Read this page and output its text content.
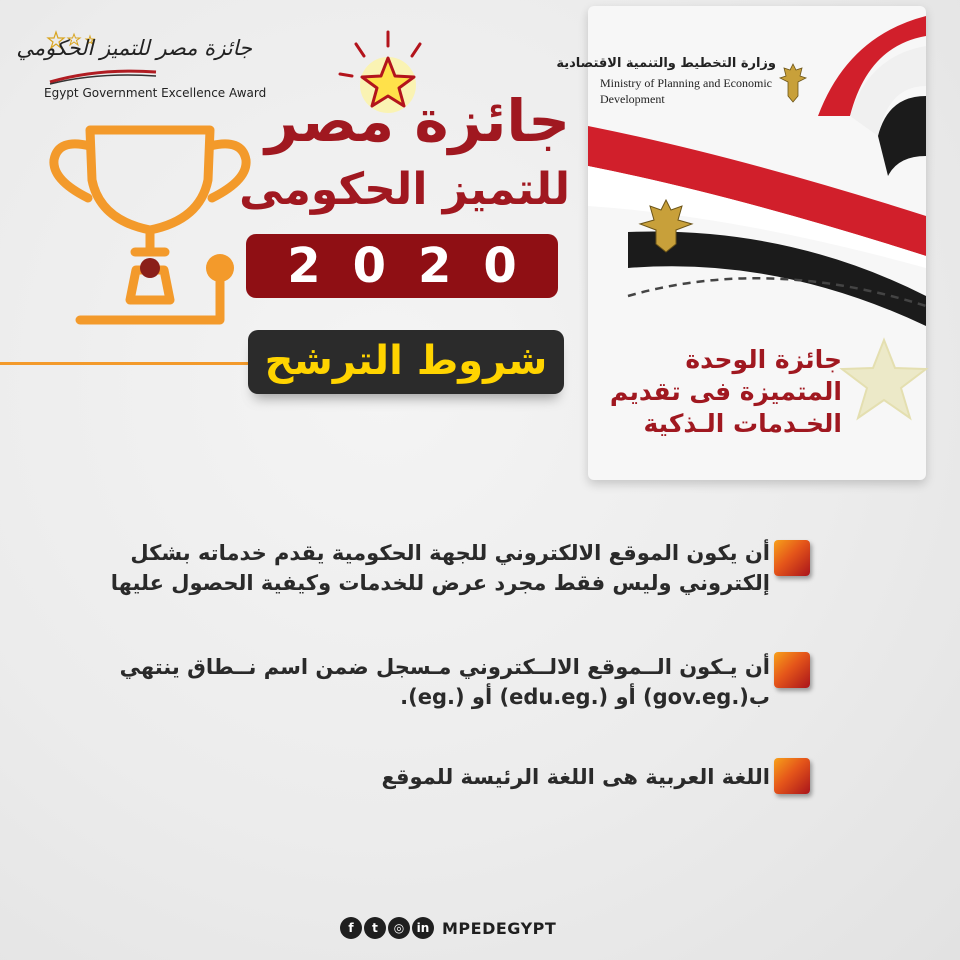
جائزة مصر للتميز الحكومي
Egypt Government Excellence Award
جائزة مصر
للتميز الحكومى
2020
شروط الترشح
وزارة التخطيط والتنمية الاقتصادية
Ministry of Planning and Economic
Development
جائزة الوحدة
المتميزة فى تقديم
الخـدمات الـذكية
أن يكون الموقع الالكتروني للجهة الحكومية يقدم خدماته بشكل
إلكتروني وليس فقط مجرد عرض للخدمات وكيفية الحصول عليها
أن يـكون الــموقع الالــكتروني مـسجل ضمن اسم نــطاق ينتهي
ب(.gov.eg) أو (.edu.eg) أو (.eg).
اللغة العربية هى اللغة الرئيسة للموقع
f	t	◎	in MPEDEGYPT
